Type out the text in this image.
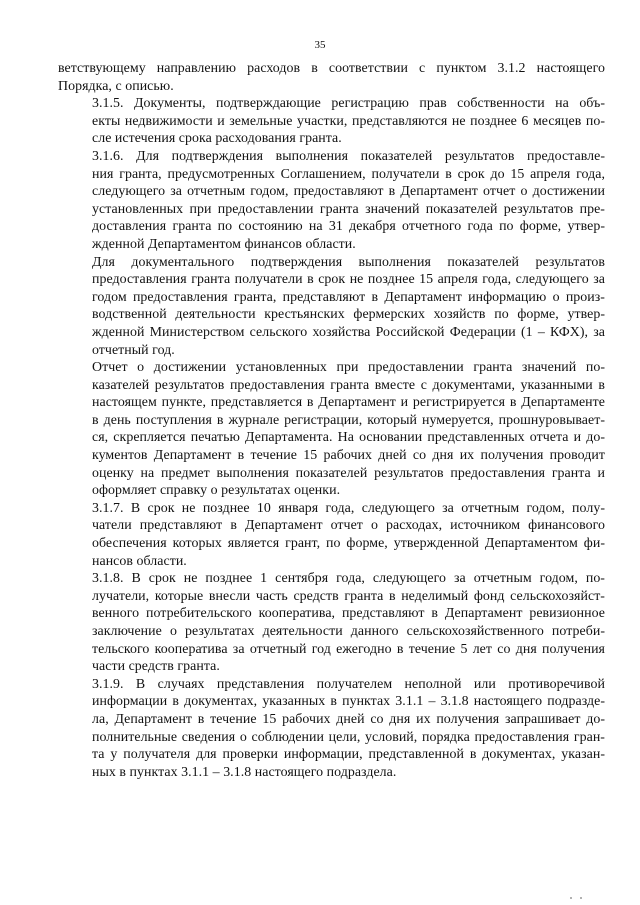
35

ветствующему направлению расходов в соответствии с пунктом 3.1.2 настоящего
Порядка, с описью.

3.1.5. Документы, подтверждающие регистрацию прав собственности на объ-
екты недвижимости и земельные участки, представляются не позднее 6 месяцев по-
сле истечения срока расходования гранта.

3.1.6. Для подтверждения выполнения показателей результатов предоставле-
ния гранта, предусмотренных Соглашением, получатели в срок до 15 апреля года,
следующего за отчетным годом, предоставляют в Департамент отчет о достижении
установленных при предоставлении гранта значений показателей результатов пре-
доставления гранта по состоянию на 31 декабря отчетного года по форме, утвер-
жденной Департаментом финансов области.

Для документального подтверждения выполнения показателей результатов
предоставления гранта получатели в срок не позднее 15 апреля года, следующего за
годом предоставления гранта, представляют в Департамент информацию о произ-
водственной деятельности крестьянских фермерских хозяйств по форме, утвер-
жденной Министерством сельского хозяйства Российской Федерации (1 – КФХ), за
отчетный год.

Отчет о достижении установленных при предоставлении гранта значений по-
казателей результатов предоставления гранта вместе с документами, указанными в
настоящем пункте, представляется в Департамент и регистрируется в Департаменте
в день поступления в журнале регистрации, который нумеруется, прошнуровывает-
ся, скрепляется печатью Департамента. На основании представленных отчета и до-
кументов Департамент в течение 15 рабочих дней со дня их получения проводит
оценку на предмет выполнения показателей результатов предоставления гранта и
оформляет справку о результатах оценки.

3.1.7. В срок не позднее 10 января года, следующего за отчетным годом, полу-
чатели представляют в Департамент отчет о расходах, источником финансового
обеспечения которых является грант, по форме, утвержденной Департаментом фи-
нансов области.

3.1.8. В срок не позднее 1 сентября года, следующего за отчетным годом, по-
лучатели, которые внесли часть средств гранта в неделимый фонд сельскохозяйст-
венного потребительского кооператива, представляют в Департамент ревизионное
заключение о результатах деятельности данного сельскохозяйственного потреби-
тельского кооператива за отчетный год ежегодно в течение 5 лет со дня получения
части средств гранта.

3.1.9. В случаях представления получателем неполной или противоречивой
информации в документах, указанных в пунктах 3.1.1 – 3.1.8 настоящего подразде-
ла, Департамент в течение 15 рабочих дней со дня их получения запрашивает до-
полнительные сведения о соблюдении цели, условий, порядка предоставления гран-
та у получателя для проверки информации, представленной в документах, указан-
ных в пунктах 3.1.1 – 3.1.8 настоящего подраздела.
